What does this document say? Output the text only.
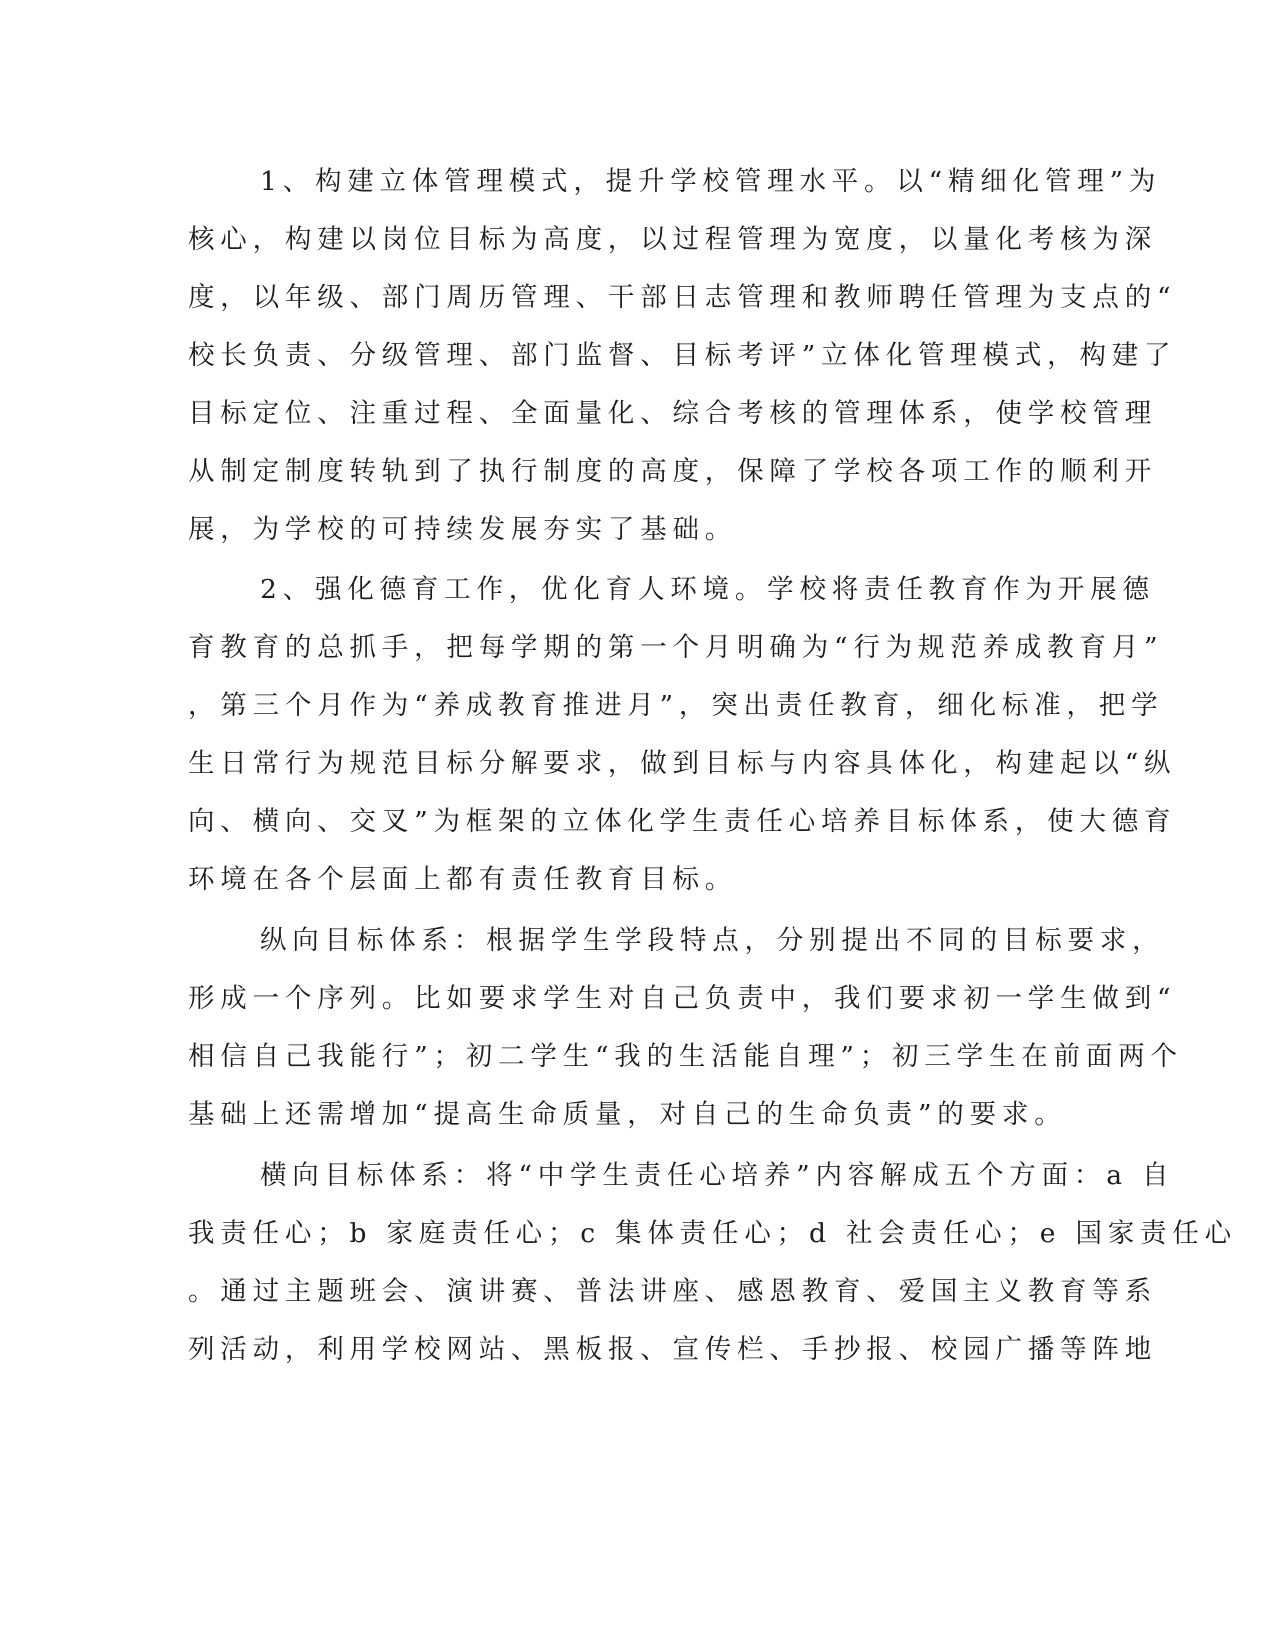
1、构建立体管理模式，提升学校管理水平。以“精细化管理”为
核心，构建以岗位目标为高度，以过程管理为宽度，以量化考核为深
度，以年级、部门周历管理、干部日志管理和教师聘任管理为支点的“
校长负责、分级管理、部门监督、目标考评”立体化管理模式，构建了
目标定位、注重过程、全面量化、综合考核的管理体系，使学校管理
从制定制度转轨到了执行制度的高度，保障了学校各项工作的顺利开
展，为学校的可持续发展夯实了基础。
2、强化德育工作，优化育人环境。学校将责任教育作为开展德
育教育的总抓手，把每学期的第一个月明确为“行为规范养成教育月”
，第三个月作为“养成教育推进月”，突出责任教育，细化标准，把学
生日常行为规范目标分解要求，做到目标与内容具体化，构建起以“纵
向、横向、交叉”为框架的立体化学生责任心培养目标体系，使大德育
环境在各个层面上都有责任教育目标。
纵向目标体系：根据学生学段特点，分别提出不同的目标要求，
形成一个序列。比如要求学生对自己负责中，我们要求初一学生做到“
相信自己我能行”；初二学生“我的生活能自理”；初三学生在前面两个
基础上还需增加“提高生命质量，对自己的生命负责”的要求。
横向目标体系：将“中学生责任心培养”内容解成五个方面：a 自
我责任心；b 家庭责任心；c 集体责任心；d 社会责任心；e 国家责任心
。通过主题班会、演讲赛、普法讲座、感恩教育、爱国主义教育等系
列活动，利用学校网站、黑板报、宣传栏、手抄报、校园广播等阵地
